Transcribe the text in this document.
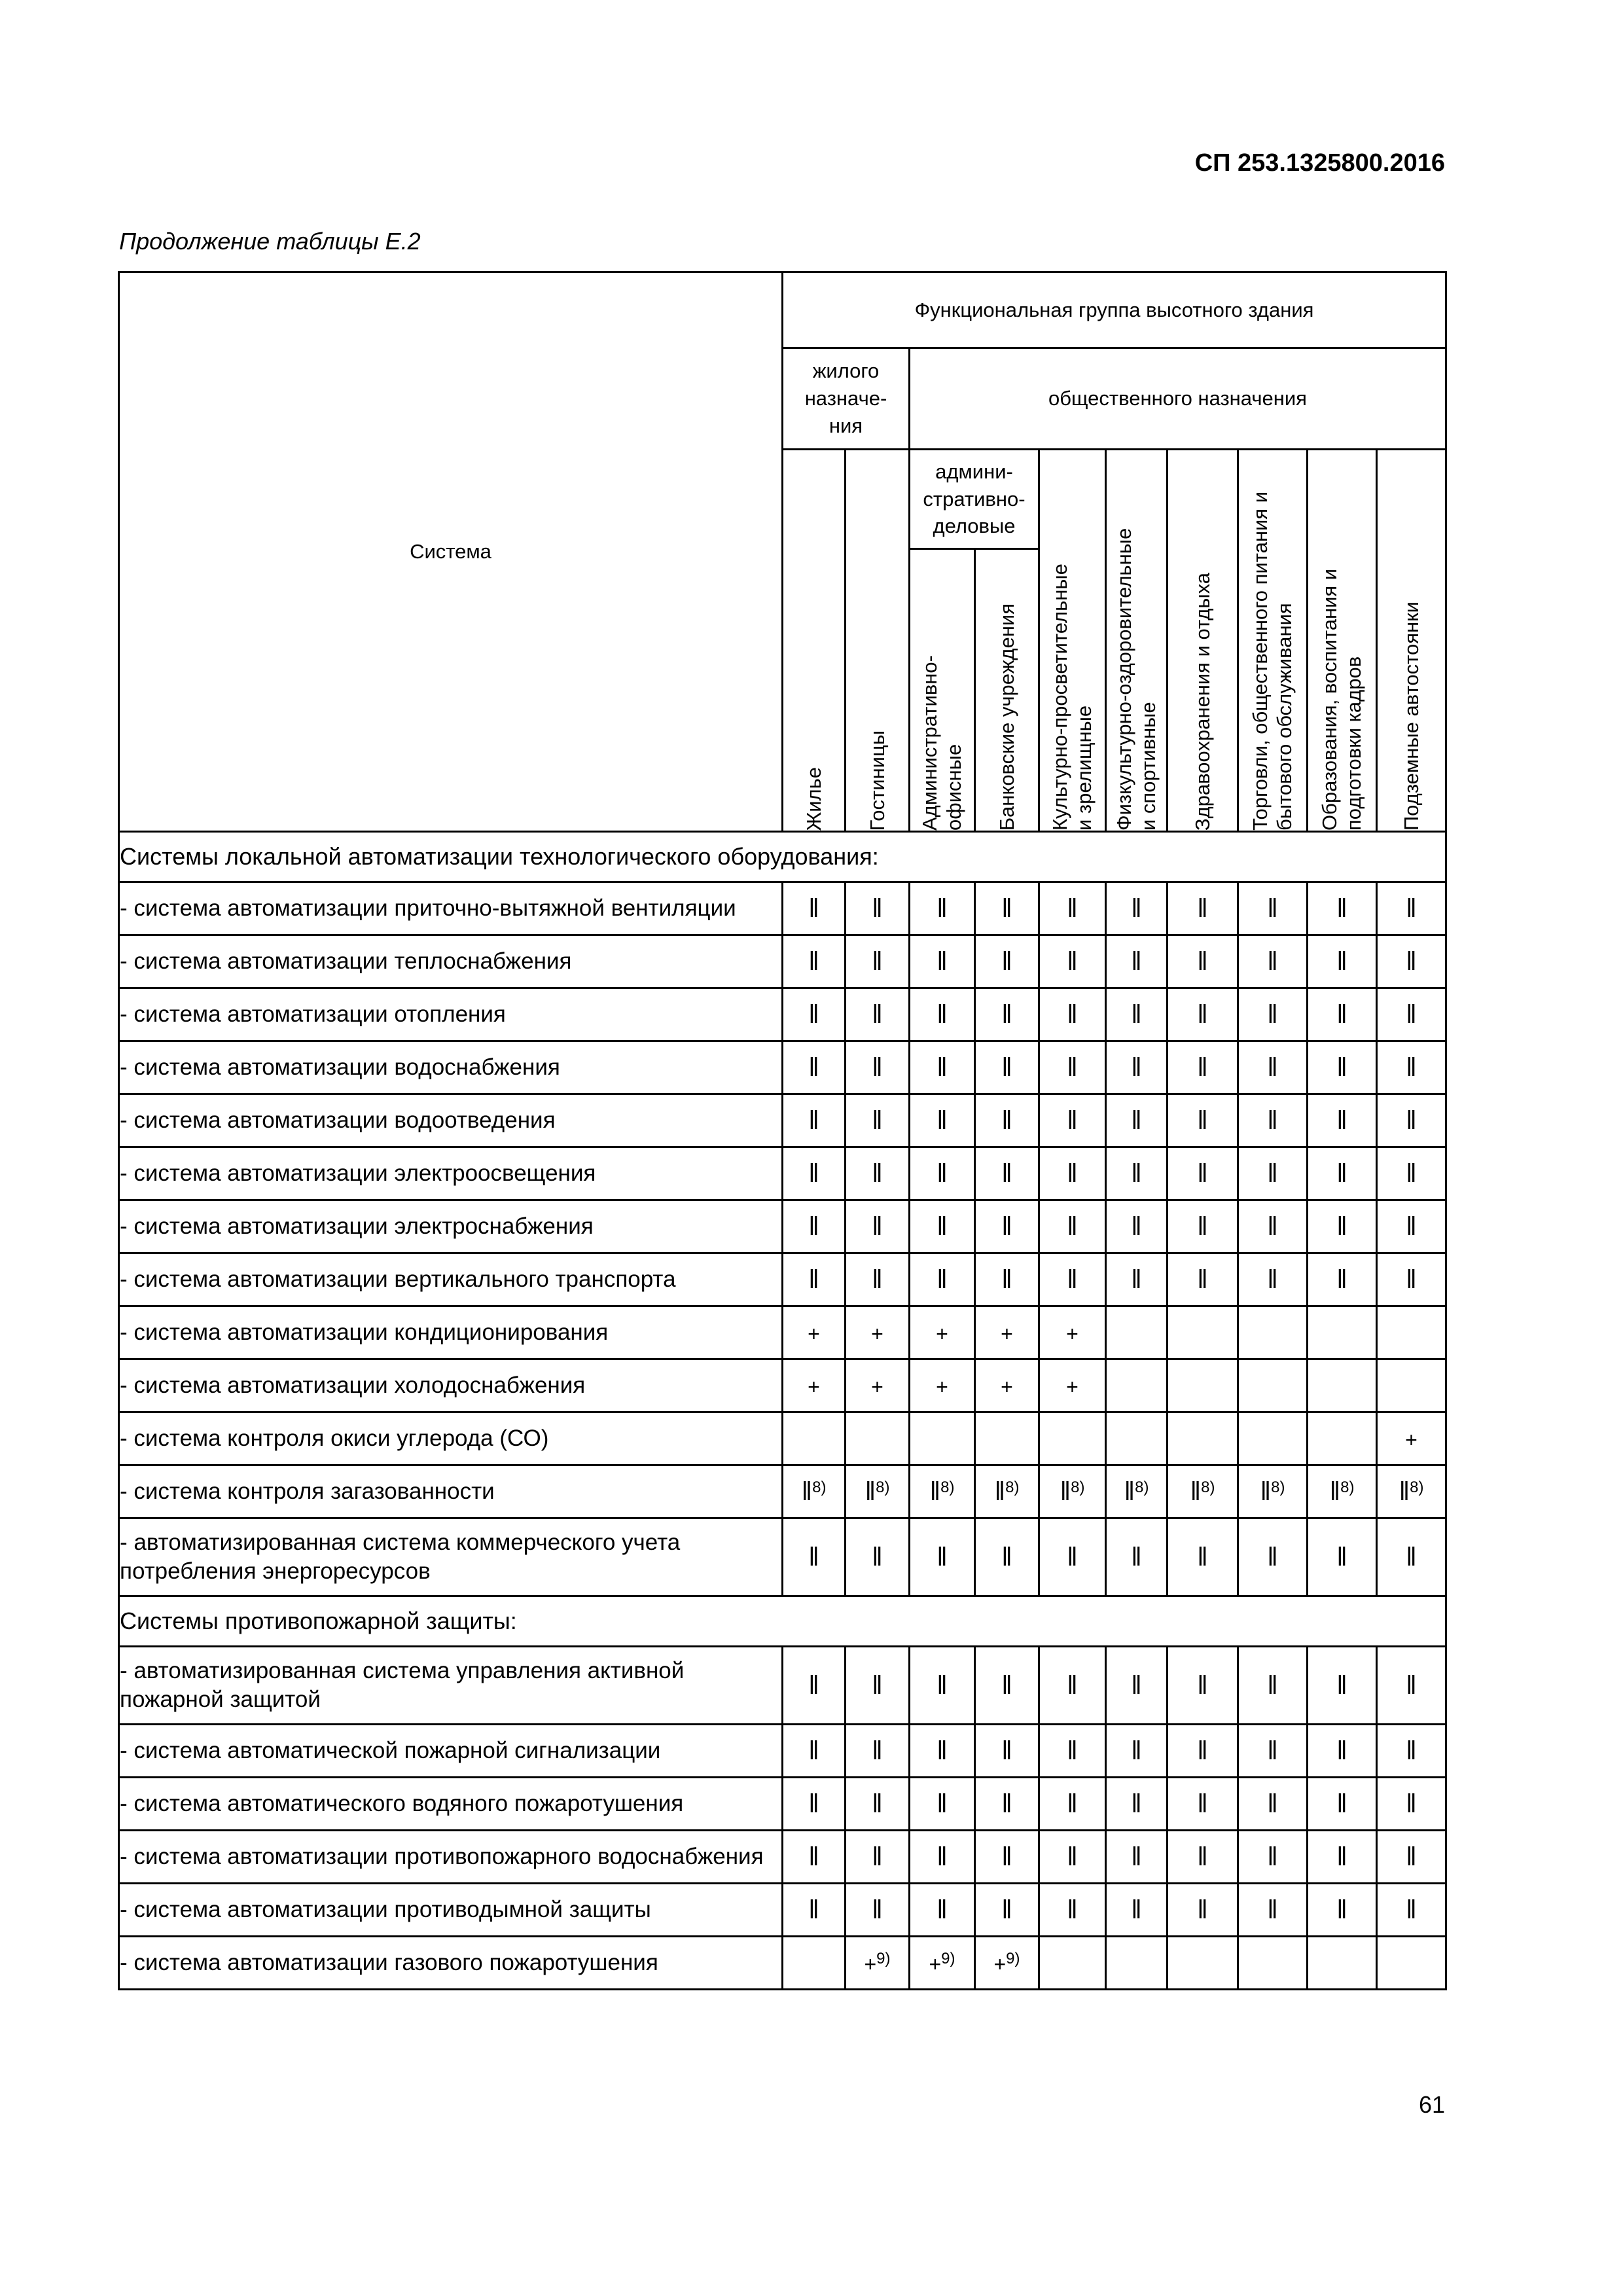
СП 253.1325800.2016
Продолжение таблицы Е.2
Система	Функциональная группа высотного здания									
	жилого назначе-ния		общественного назначения							

	Жилье	Гостиницы	админи-стративно-деловые		Культурно-просветительные и зрелищные	Физкультурно-оздоровительные и спортивные	Здравоохранения и отдыха	Торговли, общественного питания и бытового обслуживания	Образования, воспитания и подготовки кадров	Подземные автостоянки

			Административно-офисные	Банковские учреждения						

Системы локальной автоматизации технологического оборудования:										
- система автоматизации приточно-вытяжной вентиляции	‖	‖	‖	‖	‖	‖	‖	‖	‖	‖
- система автоматизации теплоснабжения	‖	‖	‖	‖	‖	‖	‖	‖	‖	‖
- система автоматизации отопления	‖	‖	‖	‖	‖	‖	‖	‖	‖	‖
- система автоматизации водоснабжения	‖	‖	‖	‖	‖	‖	‖	‖	‖	‖
- система автоматизации водоотведения	‖	‖	‖	‖	‖	‖	‖	‖	‖	‖
- система автоматизации электроосвещения	‖	‖	‖	‖	‖	‖	‖	‖	‖	‖
- система автоматизации электроснабжения	‖	‖	‖	‖	‖	‖	‖	‖	‖	‖
- система автоматизации вертикального транспорта	‖	‖	‖	‖	‖	‖	‖	‖	‖	‖
- система автоматизации кондиционирования	+	+	+	+	+					
- система автоматизации холодоснабжения	+	+	+	+	+					
- система контроля окиси углерода (СО)										+
- система контроля загазованности	‖$^{8)}$	‖$^{8)}$	‖$^{8)}$	‖$^{8)}$	‖$^{8)}$	‖$^{8)}$	‖$^{8)}$	‖$^{8)}$	‖$^{8)}$	‖$^{8)}$
- автоматизированная система коммерческого учета потребления энергоресурсов	‖	‖	‖	‖	‖	‖	‖	‖	‖	‖
Системы противопожарной защиты:										
- автоматизированная система управления активной пожарной защитой	‖	‖	‖	‖	‖	‖	‖	‖	‖	‖
- система автоматической пожарной сигнализации	‖	‖	‖	‖	‖	‖	‖	‖	‖	‖
- система автоматического водяного пожаротушения	‖	‖	‖	‖	‖	‖	‖	‖	‖	‖
- система автоматизации противопожарного водоснабжения	‖	‖	‖	‖	‖	‖	‖	‖	‖	‖
- система автоматизации противодымной защиты	‖	‖	‖	‖	‖	‖	‖	‖	‖	‖
- система автоматизации газового пожаротушения		+$^{9)}$	+$^{9)}$	+$^{9)}$						
61
